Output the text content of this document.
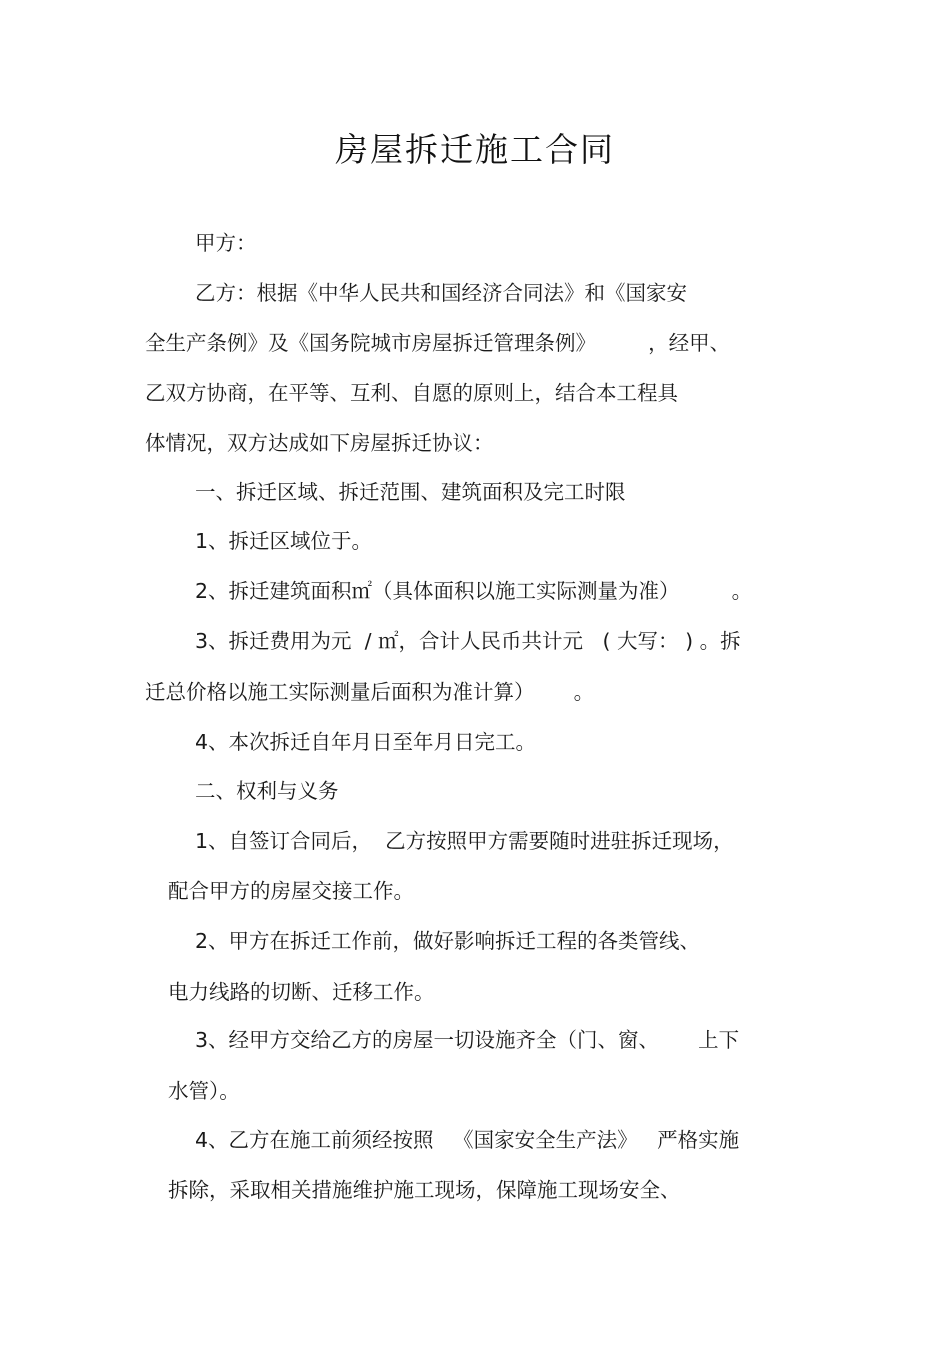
房屋拆迁施工合同
甲方：
乙方：根据《中华人民共和国经济合同法》和《国家安
全生产条例》及《国务院城市房屋拆迁管理条例》        ，经甲、
乙双方协商，在平等、互利、自愿的原则上，结合本工程具
体情况，双方达成如下房屋拆迁协议：
一、拆迁区域、拆迁范围、建筑面积及完工时限
1、拆迁区域位于。
2、拆迁建筑面积㎡（具体面积以施工实际测量为准）        。
3、拆迁费用为元  / ㎡，合计人民币共计元   ( 大写： ) 。拆
迁总价格以施工实际测量后面积为准计算）      。
4、本次拆迁自年月日至年月日完工。
二、权利与义务
1、自签订合同后，  乙方按照甲方需要随时进驻拆迁现场，
配合甲方的房屋交接工作。
2、甲方在拆迁工作前，做好影响拆迁工程的各类管线、
电力线路的切断、迁移工作。
3、经甲方交给乙方的房屋一切设施齐全（门、窗、      上下
水管）。
4、乙方在施工前须经按照   《国家安全生产法》   严格实施
拆除，采取相关措施维护施工现场，保障施工现场安全、
